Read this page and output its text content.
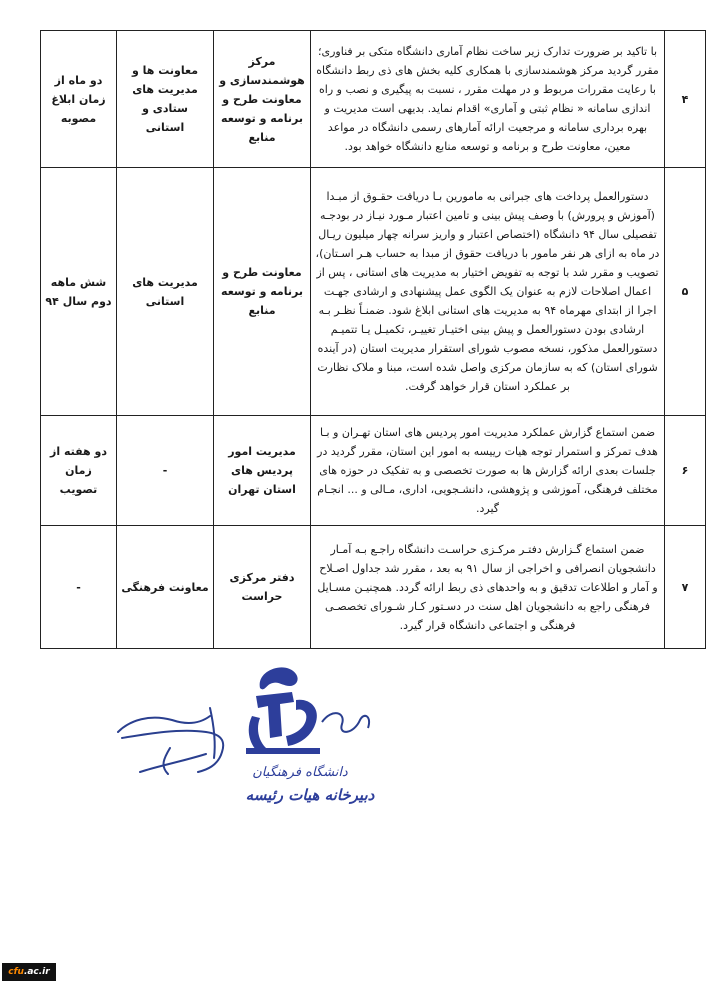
۴	با تاکید بر ضرورت تدارک زیر ساخت نظام آماری دانشگاه متکی بر فناوری؛ مقرر گردید مرکز هوشمندسازی با همکاری کلیه بخش های ذی ربط دانشگاه با رعایت مقررات مربوط و در مهلت مقرر ، نسبت به پیگیری و نصب و راه اندازی سامانه « نظام ثبتی و آماری» اقدام نماید. بدیهی است مدیریت و بهره برداری سامانه و مرجعیت ارائه آمارهای رسمی دانشگاه در مواعد معین، معاونت طرح و برنامه و توسعه منابع دانشگاه خواهد بود.	مرکز هوشمندسازی و معاونت طرح و برنامه و توسعه منابع	معاونت ها و مدیریت های ستادی و استانی	دو ماه از زمان ابلاغ مصوبه
۵	دستورالعمل پرداخت های جبرانی به مامورین بـا دریافت حقـوق از مبـدا (آموزش و پرورش) با وصف پیش بینی و تامین اعتبار مـورد نیـاز در بودجـه تفصیلی سال ۹۴ دانشگاه (اختصاص اعتبار و واریز سرانه چهار میلیون ریـال در ماه به ازای هر نفر مامور با دریافت حقوق از مبدا به حساب هـر اسـتان)، تصویب و مقرر شد با توجه به تفویض اختیار به مدیریت های استانی ، پس از اعمال اصلاحات لازم به عنوان یک الگوی عمل پیشنهادی و ارشادی جهـت اجرا از ابتدای مهرماه ۹۴ به مدیریت های استانی ابلاغ شود. ضمنـاً نظـر بـه ارشادی بودن دستورالعمل و پیش بینی اختیـار تغییـر، تکمیـل یـا تتمیـم دستورالعمل مذکور، نسخه مصوب شورای استقرار مدیریت استان (در آینده شورای استان) که به سازمان مرکزی واصل شده است، مبنا و ملاک نظارت بر عملکرد استان قرار خواهد گرفت.	معاونت طرح و برنامه و توسعه منابع	مدیریت های استانی	شش ماهه دوم سال ۹۴
۶	ضمن استماع گزارش عملکرد مدیریت امور پردیس های استان تهـران و بـا هدف تمرکز و استمرار توجه هیات رییسه به امور این استان، مقرر گردید در جلسات بعدی ارائه گزارش ها به صورت تخصصی و به تفکیک در حوزه های مختلف فرهنگی، آموزشی و پژوهشی، دانشـجویی، اداری، مـالی و ... انجـام گیرد.	مدیریت امور پردیس های استان تهران	-	دو هفته از زمان تصویب
۷	ضمن استماع گـزارش دفتـر مرکـزی حراسـت دانشگاه راجـع بـه آمـار دانشجویان انصرافی و اخراجی از سال ۹۱ به بعد ، مقرر شد جداول اصـلاح و آمار و اطلاعات تدقیق و به واحدهای ذی ربط ارائه گردد. همچنیـن مسـایل فرهنگی راجع به دانشجویان اهل سنت در دسـتور کـار شـورای تخصصـی فرهنگی و اجتماعی دانشگاه قرار گیرد.	دفتر مرکزی حراست	معاونت فرهنگی	-
دانشگاه فرهنگیان
دبیرخانه هیات رئیسه
cfu.ac.ir
